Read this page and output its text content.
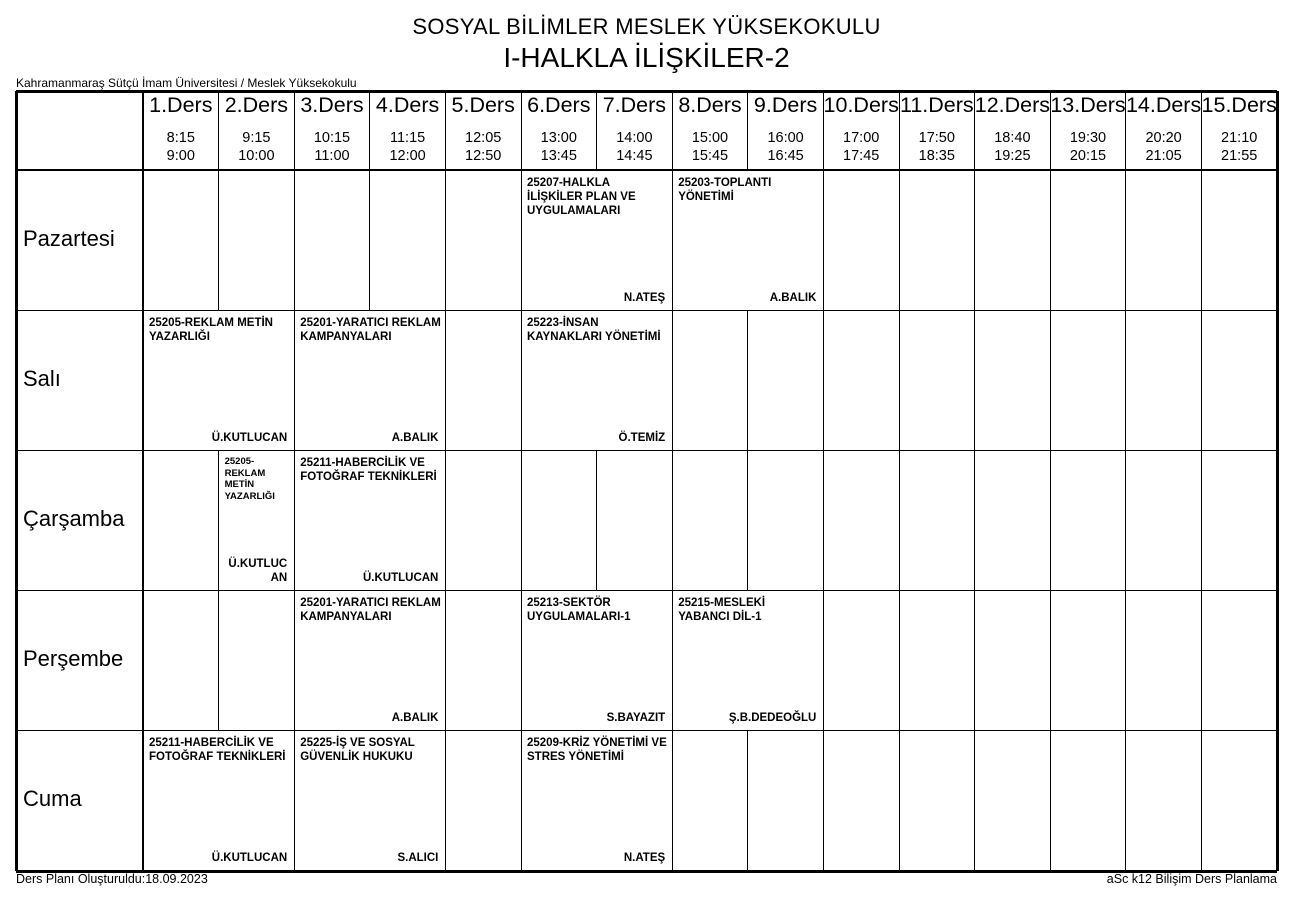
SOSYAL BİLİMLER MESLEK YÜKSEKOKULU
I-HALKLA İLİŞKİLER-2
Kahramanmaraş Sütçü İmam Üniversitesi / Meslek Yüksekokulu
1.Ders
8:15
9:00
2.Ders
9:15
10:00
3.Ders
10:15
11:00
4.Ders
11:15
12:00
5.Ders
12:05
12:50
6.Ders
13:00
13:45
7.Ders
14:00
14:45
8.Ders
15:00
15:45
9.Ders
16:00
16:45
10.Ders
17:00
17:45
11.Ders
17:50
18:35
12.Ders
18:40
19:25
13.Ders
19:30
20:15
14.Ders
20:20
21:05
15.Ders
21:10
21:55
Pazartesi
Salı
Çarşamba
Perşembe
Cuma
25207-HALKLA İLİŞKİLER PLAN VE UYGULAMALARI
N.ATEŞ
25203-TOPLANTI YÖNETİMİ
A.BALIK
25205-REKLAM METİN YAZARLIĞI
Ü.KUTLUCAN
25201-YARATICI REKLAM KAMPANYALARI
A.BALIK
25223-İNSAN KAYNAKLARI YÖNETİMİ
Ö.TEMİZ
25205-REKLAM METİN YAZARLIĞI
Ü.KUTLUCAN
25211-HABERCİLİK VE FOTOĞRAF TEKNİKLERİ
Ü.KUTLUCAN
25201-YARATICI REKLAM KAMPANYALARI
A.BALIK
25213-SEKTÖR UYGULAMALARI-1
S.BAYAZIT
25215-MESLEKİ YABANCI DİL-1
Ş.B.DEDEOĞLU
25211-HABERCİLİK VE FOTOĞRAF TEKNİKLERİ
Ü.KUTLUCAN
25225-İŞ VE SOSYAL GÜVENLİK HUKUKU
S.ALICI
25209-KRİZ YÖNETİMİ VE STRES YÖNETİMİ
N.ATEŞ
Ders Planı Oluşturuldu:18.09.2023	aSc k12 Bilişim Ders Planlama
